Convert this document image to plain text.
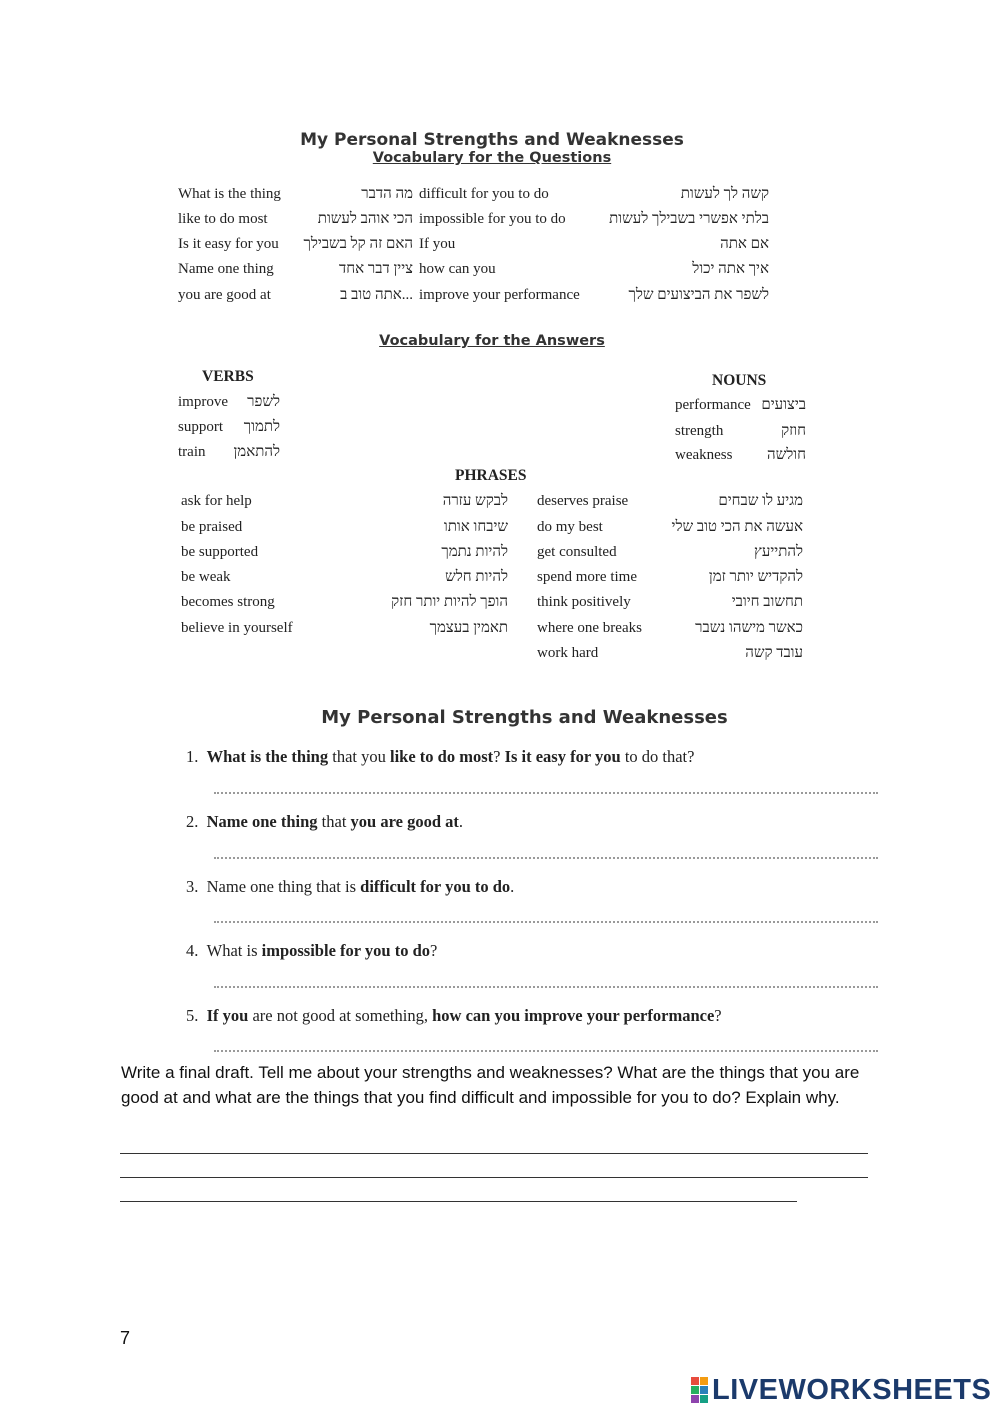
My Personal Strengths and Weaknesses
Vocabulary for the Questions
What is the thing	מה הדבר difficult for you to do	קשה לך לעשות
like to do most	הכי אוהב לעשות impossible for you to do	בלתי אפשרי בשבילך לעשות
Is it easy for you האם זה קל בשבילך If you	אם אתה
Name one thing	ציין דבר אחד how can you	איך אתה יכול
you are good at	...אתה טוב ב improve your performance	לשפר את הביצועים שלך
Vocabulary for the Answers
VERBS
improve לשפר
support לתמוך
train להתאמן
NOUNS
performance ביצועים
strength	חוזק
weakness חולשה
PHRASES
ask for help	לבקש עזרה
be praised	שיבחו אותו
be supported	להיות נתמך
be weak	להיות חלש
becomes strong	הופך להיות יותר חזק
believe in yourself	תאמין בעצמך
deserves praise	מגיע לו שבחים
do my best	אעשה את הכי טוב שלי
get consulted	להתייעץ
spend more time	להקדיש יותר זמן
think positively	תחשוב חיובי
where one breaks	כאשר מישהו נשבר
work hard	עובד קשה
My Personal Strengths and Weaknesses
1. What is the thing that you like to do most? Is it easy for you to do that?
2. Name one thing that you are good at.
3. Name one thing that is difficult for you to do.
4. What is impossible for you to do?
5. If you are not good at something, how can you improve your performance?
Write a final draft. Tell me about your strengths and weaknesses? What are the things that you are good at and what are the things that you find difficult and impossible for you to do? Explain why.
7
LIVEWORKSHEETS
